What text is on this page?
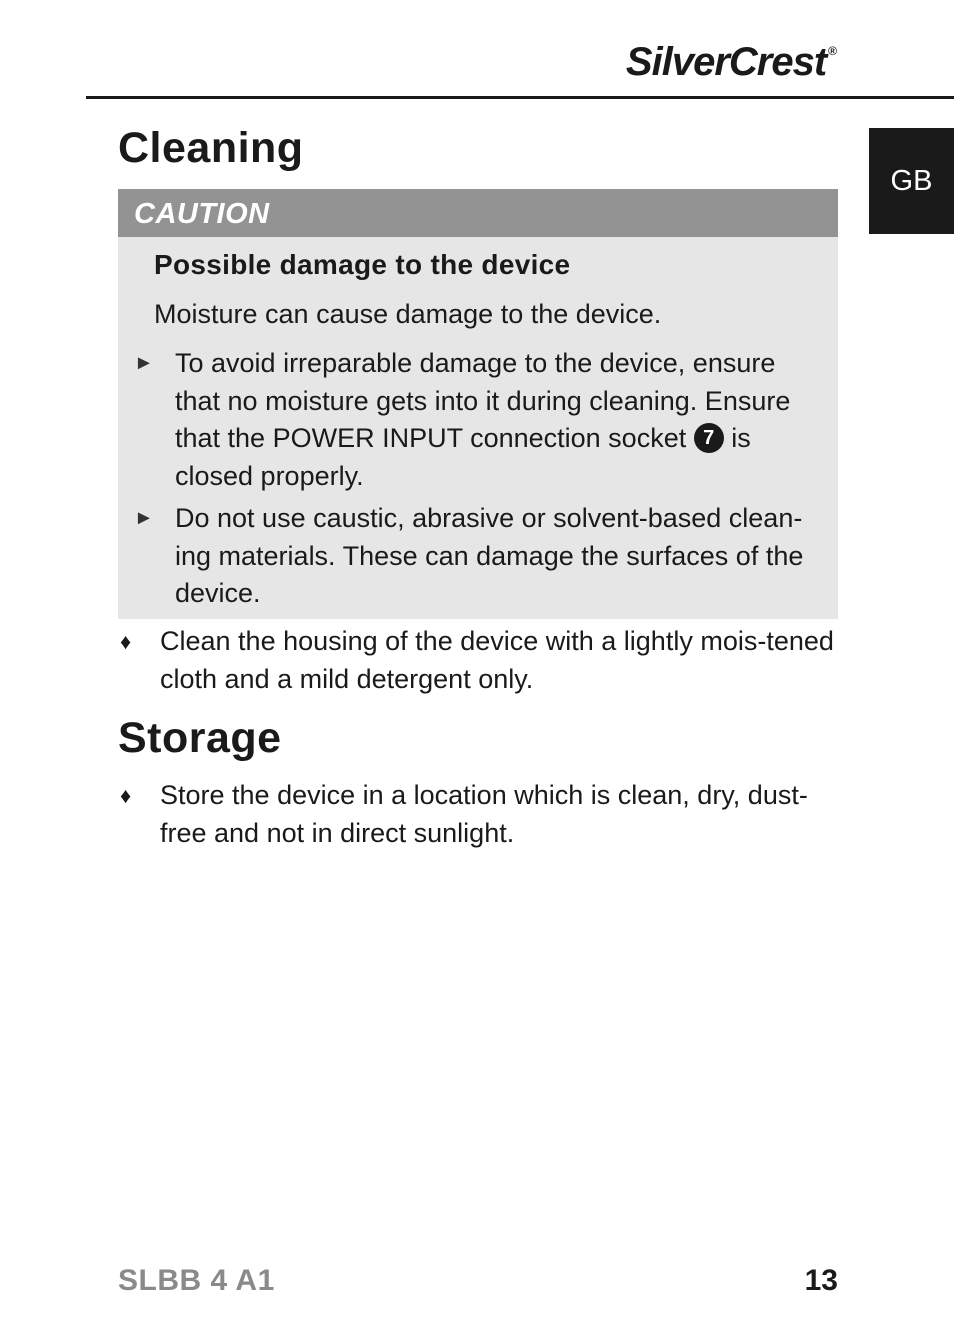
SilverCrest ®
GB
Cleaning
CAUTION
Possible damage to the device
Moisture can cause damage to the device.
► To avoid irreparable damage to the device, ensure that no moisture gets into it during cleaning. Ensure that the POWER INPUT connection socket 7 is closed properly.
► Do not use caustic, abrasive or solvent-based clean-ing materials. These can damage the surfaces of the device.
♦ Clean the housing of the device with a lightly mois-tened cloth and a mild detergent only.
Storage
♦ Store the device in a location which is clean, dry, dust-free and not in direct sunlight.
SLBB 4 A1	13
